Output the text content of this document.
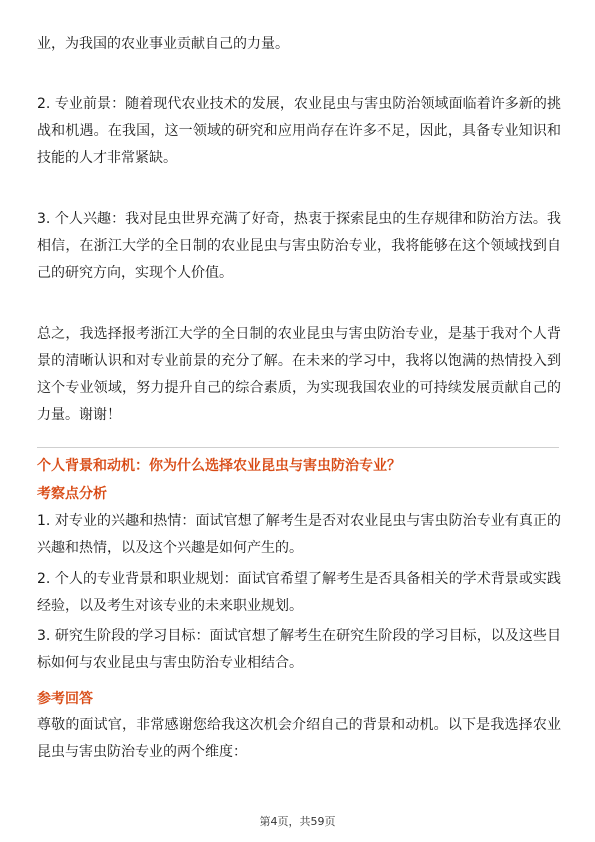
业，为我国的农业事业贡献自己的力量。

2. 专业前景：随着现代农业技术的发展，农业昆虫与害虫防治领域面临着许多新的挑战和机遇。在我国，这一领域的研究和应用尚存在许多不足，因此，具备专业知识和技能的人才非常紧缺。

3. 个人兴趣：我对昆虫世界充满了好奇，热衷于探索昆虫的生存规律和防治方法。我相信，在浙江大学的全日制的农业昆虫与害虫防治专业，我将能够在这个领域找到自己的研究方向，实现个人价值。

总之，我选择报考浙江大学的全日制的农业昆虫与害虫防治专业，是基于我对个人背景的清晰认识和对专业前景的充分了解。在未来的学习中，我将以饱满的热情投入到这个专业领域，努力提升自己的综合素质，为实现我国农业的可持续发展贡献自己的力量。谢谢！

个人背景和动机：你为什么选择农业昆虫与害虫防治专业？

考察点分析

1. 对专业的兴趣和热情：面试官想了解考生是否对农业昆虫与害虫防治专业有真正的兴趣和热情，以及这个兴趣是如何产生的。

2. 个人的专业背景和职业规划：面试官希望了解考生是否具备相关的学术背景或实践经验，以及考生对该专业的未来职业规划。

3. 研究生阶段的学习目标：面试官想了解考生在研究生阶段的学习目标，以及这些目标如何与农业昆虫与害虫防治专业相结合。

参考回答

尊敬的面试官，非常感谢您给我这次机会介绍自己的背景和动机。以下是我选择农业昆虫与害虫防治专业的两个维度：

第4页，共59页
